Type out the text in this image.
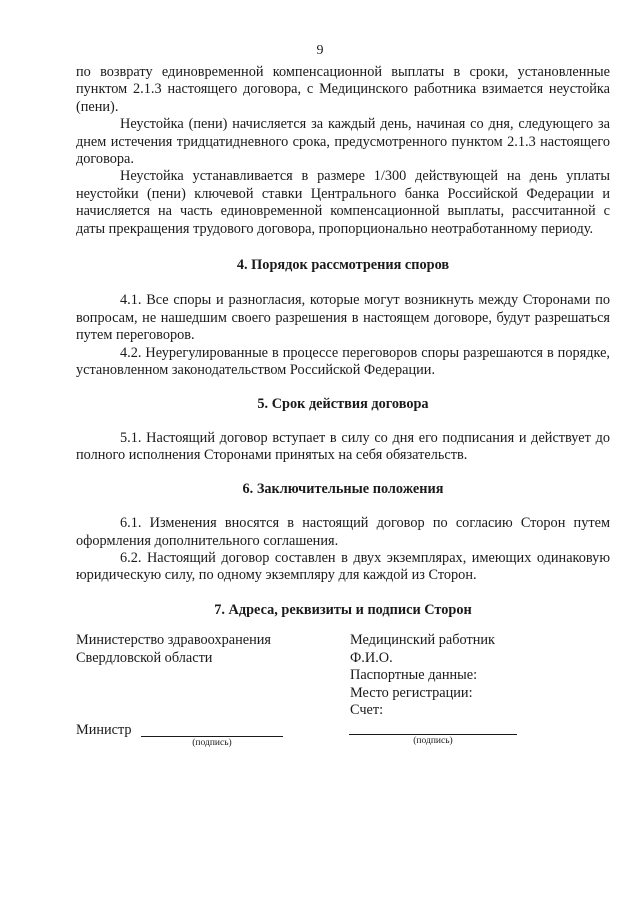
9

по возврату единовременной компенсационной выплаты в сроки, установленные пунктом 2.1.3 настоящего договора, с Медицинского работника взимается неустойка (пени).

Неустойка (пени) начисляется за каждый день, начиная со дня, следующего за днем истечения тридцатидневного срока, предусмотренного пунктом 2.1.3 настоящего договора.

Неустойка устанавливается в размере 1/300 действующей на день уплаты неустойки (пени) ключевой ставки Центрального банка Российской Федерации и начисляется на часть единовременной компенсационной выплаты, рассчитанной с даты прекращения трудового договора, пропорционально неотработанному периоду.

4. Порядок рассмотрения споров

4.1. Все споры и разногласия, которые могут возникнуть между Сторонами по вопросам, не нашедшим своего разрешения в настоящем договоре, будут разрешаться путем переговоров.

4.2. Неурегулированные в процессе переговоров споры разрешаются в порядке, установленном законодательством Российской Федерации.

5. Срок действия договора

5.1. Настоящий договор вступает в силу со дня его подписания и действует до полного исполнения Сторонами принятых на себя обязательств.

6. Заключительные положения

6.1. Изменения вносятся в настоящий договор по согласию Сторон путем оформления дополнительного соглашения.

6.2. Настоящий договор составлен в двух экземплярах, имеющих одинаковую юридическую силу, по одному экземпляру для каждой из Сторон.

7. Адреса, реквизиты и подписи Сторон
Министерство здравоохранения
Свердловской области
Медицинский работник
Ф.И.О.
Паспортные данные:
Место регистрации:
Счет:
Министр
(подпись)	(подпись)
